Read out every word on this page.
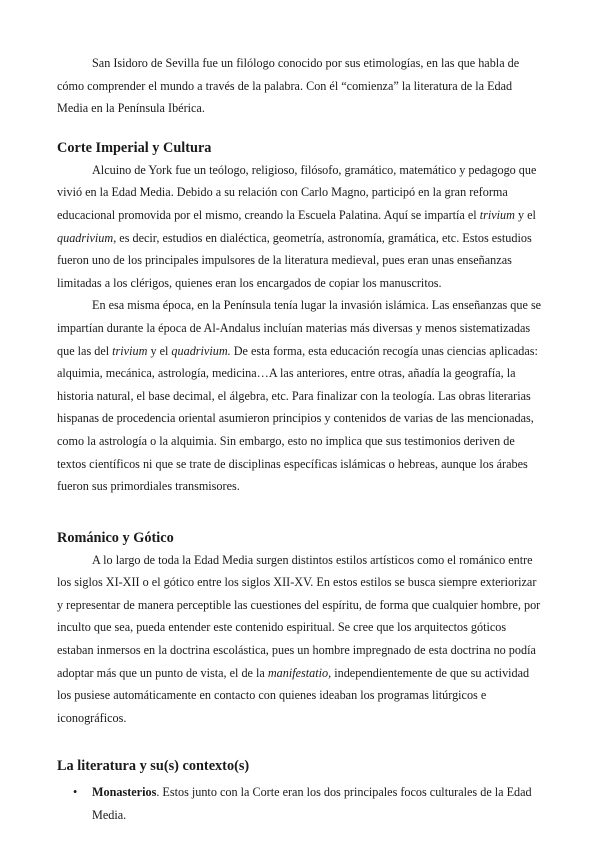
San Isidoro de Sevilla fue un filólogo conocido por sus etimologías, en las que habla de cómo comprender el mundo a través de la palabra. Con él “comienza” la literatura de la Edad Media en la Península Ibérica.

Corte Imperial y Cultura

Alcuino de York fue un teólogo, religioso, filósofo, gramático, matemático y pedagogo que vivió en la Edad Media. Debido a su relación con Carlo Magno, participó en la gran reforma educacional promovida por el mismo, creando la Escuela Palatina. Aquí se impartía el trivium y el quadrivium, es decir, estudios en dialéctica, geometría, astronomía, gramática, etc. Estos estudios fueron uno de los principales impulsores de la literatura medieval, pues eran unas enseñanzas limitadas a los clérigos, quienes eran los encargados de copiar los manuscritos.

En esa misma época, en la Península tenía lugar la invasión islámica. Las enseñanzas que se impartían durante la época de Al-Andalus incluían materias más diversas y menos sistematizadas que las del trivium y el quadrivium. De esta forma, esta educación recogía unas ciencias aplicadas: alquimia, mecánica, astrología, medicina…A las anteriores, entre otras, añadía la geografía, la historia natural, el base decimal, el álgebra, etc. Para finalizar con la teología. Las obras literarias hispanas de procedencia oriental asumieron principios y contenidos de varias de las mencionadas, como la astrología o la alquimia. Sin embargo, esto no implica que sus testimonios deriven de textos científicos ni que se trate de disciplinas específicas islámicas o hebreas, aunque los árabes fueron sus primordiales transmisores.

Románico y Gótico

A lo largo de toda la Edad Media surgen distintos estilos artísticos como el románico entre los siglos XI-XII o el gótico entre los siglos XII-XV. En estos estilos se busca siempre exteriorizar y representar de manera perceptible las cuestiones del espíritu, de forma que cualquier hombre, por inculto que sea, pueda entender este contenido espiritual. Se cree que los arquitectos góticos estaban inmersos en la doctrina escolástica, pues un hombre impregnado de esta doctrina no podía adoptar más que un punto de vista, el de la manifestatio, independientemente de que su actividad los pusiese automáticamente en contacto con quienes ideaban los programas litúrgicos e iconográficos.

La literatura y su(s) contexto(s)
• Monasterios. Estos junto con la Corte eran los dos principales focos culturales de la Edad Media.
